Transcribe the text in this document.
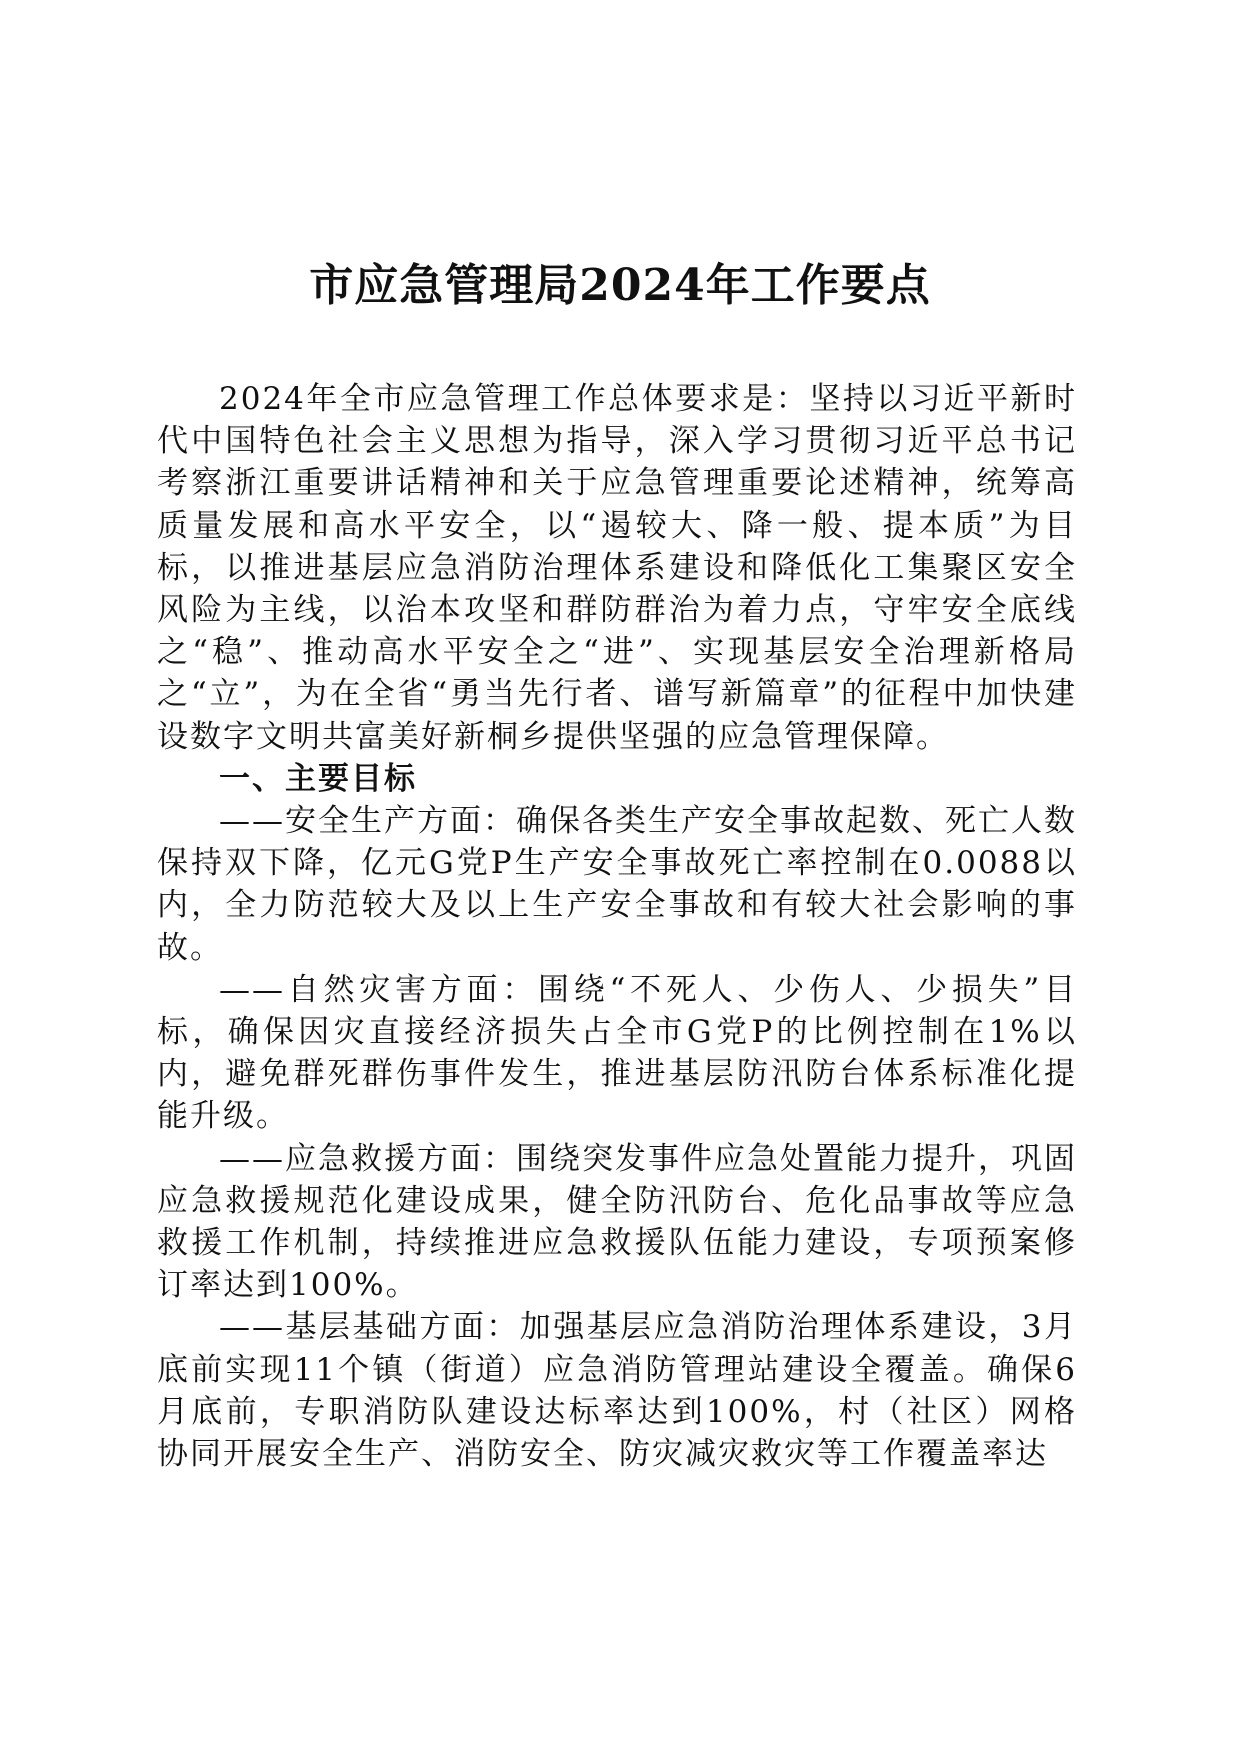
市应急管理局2024年工作要点

2024年全市应急管理工作总体要求是：坚持以习近平新时代中国特色社会主义思想为指导，深入学习贯彻习近平总书记考察浙江重要讲话精神和关于应急管理重要论述精神，统筹高质量发展和高水平安全，以“遏较大、降一般、提本质”为目标，以推进基层应急消防治理体系建设和降低化工集聚区安全风险为主线，以治本攻坚和群防群治为着力点，守牢安全底线之“稳”、推动高水平安全之“进”、实现基层安全治理新格局之“立”，为在全省“勇当先行者、谱写新篇章”的征程中加快建设数字文明共富美好新桐乡提供坚强的应急管理保障。

一、主要目标

——安全生产方面：确保各类生产安全事故起数、死亡人数保持双下降，亿元G党P生产安全事故死亡率控制在0.0088以内，全力防范较大及以上生产安全事故和有较大社会影响的事故。

——自然灾害方面：围绕“不死人、少伤人、少损失”目标，确保因灾直接经济损失占全市G党P的比例控制在1%以内，避免群死群伤事件发生，推进基层防汛防台体系标准化提能升级。

——应急救援方面：围绕突发事件应急处置能力提升，巩固应急救援规范化建设成果，健全防汛防台、危化品事故等应急救援工作机制，持续推进应急救援队伍能力建设，专项预案修订率达到100%。

——基层基础方面：加强基层应急消防治理体系建设，3月底前实现11个镇（街道）应急消防管理站建设全覆盖。确保6月底前，专职消防队建设达标率达到100%，村（社区）网格协同开展安全生产、消防安全、防灾减灾救灾等工作覆盖率达
